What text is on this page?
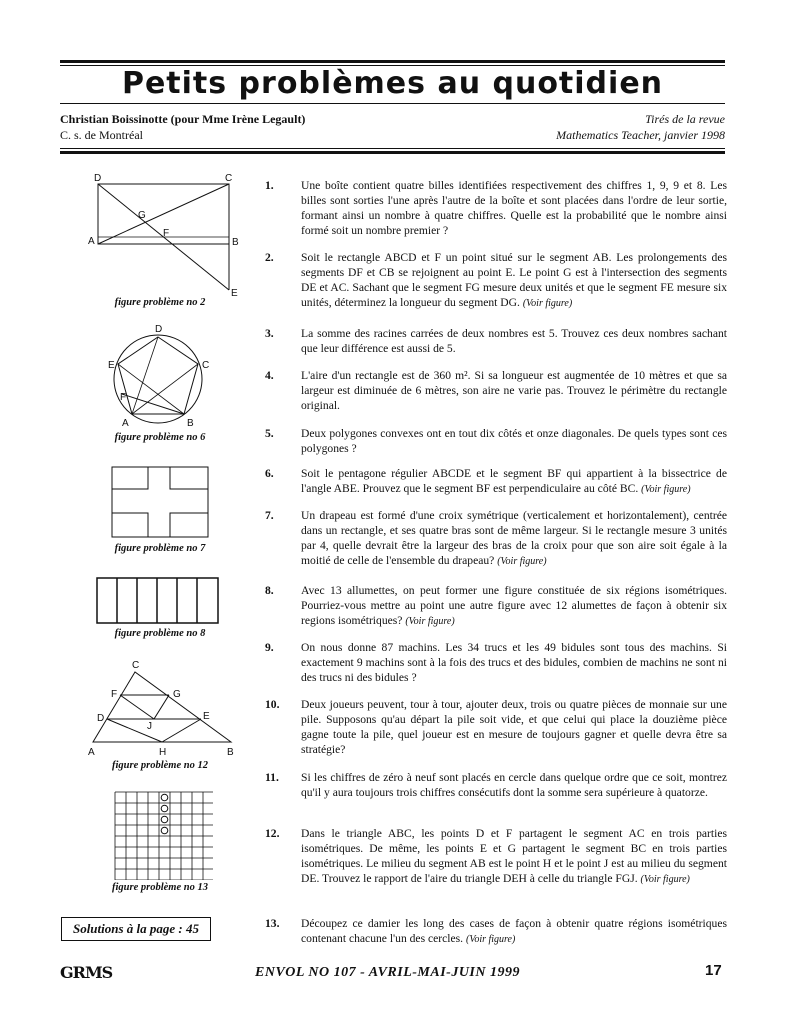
Petits problèmes au quotidien
Christian Boissinotte (pour Mme Irène Legault)
C. s. de Montréal
Tirés de la revue
Mathematics Teacher, janvier 1998
D	C
G
F
A	B
E
figure problème no 2
D
E	C
F
A	B
figure problème no 6
figure problème no 7
figure problème no 8
C
F	G
D	E
J
A	H	B
figure problème no 12
figure problème no 13
Solutions à la page : 45
1. Une boîte contient quatre billes identifiées respectivement des chiffres 1, 9, 9 et 8. Les billes sont sorties l'une après l'autre de la boîte et sont placées dans l'ordre de leur sortie, formant ainsi un nombre à quatre chiffres. Quelle est la probabilité que le nombre ainsi formé soit un nombre premier ?
2. Soit le rectangle ABCD et F un point situé sur le segment AB. Les prolongements des segments DF et CB se rejoignent au point E. Le point G est à l'intersection des segments DE et AC. Sachant que le segment FG mesure deux unités et que le segment FE mesure six unités, déterminez la longueur du segment DG. (Voir figure)
3. La somme des racines carrées de deux nombres est 5. Trouvez ces deux nombres sachant que leur différence est aussi de 5.
4. L'aire d'un rectangle est de 360 m². Si sa longueur est augmentée de 10 mètres et que sa largeur est diminuée de 6 mètres, son aire ne varie pas. Trouvez le périmètre du rectangle original.
5. Deux polygones convexes ont en tout dix côtés et onze diagonales. De quels types sont ces polygones ?
6. Soit le pentagone régulier ABCDE et le segment BF qui appartient à la bissectrice de l'angle ABE. Prouvez que le segment BF est perpendiculaire au côté BC. (Voir figure)
7. Un drapeau est formé d'une croix symétrique (verticalement et horizontalement), centrée dans un rectangle, et ses quatre bras sont de même largeur. Si le rectangle mesure 3 unités par 4, quelle devrait être la largeur des bras de la croix pour que son aire soit égale à la moitié de celle de l'ensemble du drapeau? (Voir figure)
8. Avec 13 allumettes, on peut former une figure constituée de six régions isométriques. Pourriez-vous mettre au point une autre figure avec 12 alumettes de façon à obtenir six regions isométriques? (Voir figure)
9. On nous donne 87 machins. Les 34 trucs et les 49 bidules sont tous des machins. Si exactement 9 machins sont à la fois des trucs et des bidules, combien de machins ne sont ni des trucs ni des bidules ?
10. Deux joueurs peuvent, tour à tour, ajouter deux, trois ou quatre pièces de monnaie sur une pile. Supposons qu'au départ la pile soit vide, et que celui qui place la douzième pièce gagne toute la pile, quel joueur est en mesure de toujours gagner et quelle devra être sa stratégie?
11. Si les chiffres de zéro à neuf sont placés en cercle dans quelque ordre que ce soit, montrez qu'il y aura toujours trois chiffres consécutifs dont la somme sera supérieure à quatorze.
12. Dans le triangle ABC, les points D et F partagent le segment AC en trois parties isométriques. De même, les points E et G partagent le segment BC en trois parties isométriques. Le milieu du segment AB est le point H et le point J est au milieu du segment DE. Trouvez le rapport de l'aire du triangle DEH à celle du triangle FGJ. (Voir figure)
13. Découpez ce damier les long des cases de façon à obtenir quatre régions isométriques contenant chacune l'un des cercles. (Voir figure)
GRMS	ENVOL NO 107 - AVRIL-MAI-JUIN 1999	17
